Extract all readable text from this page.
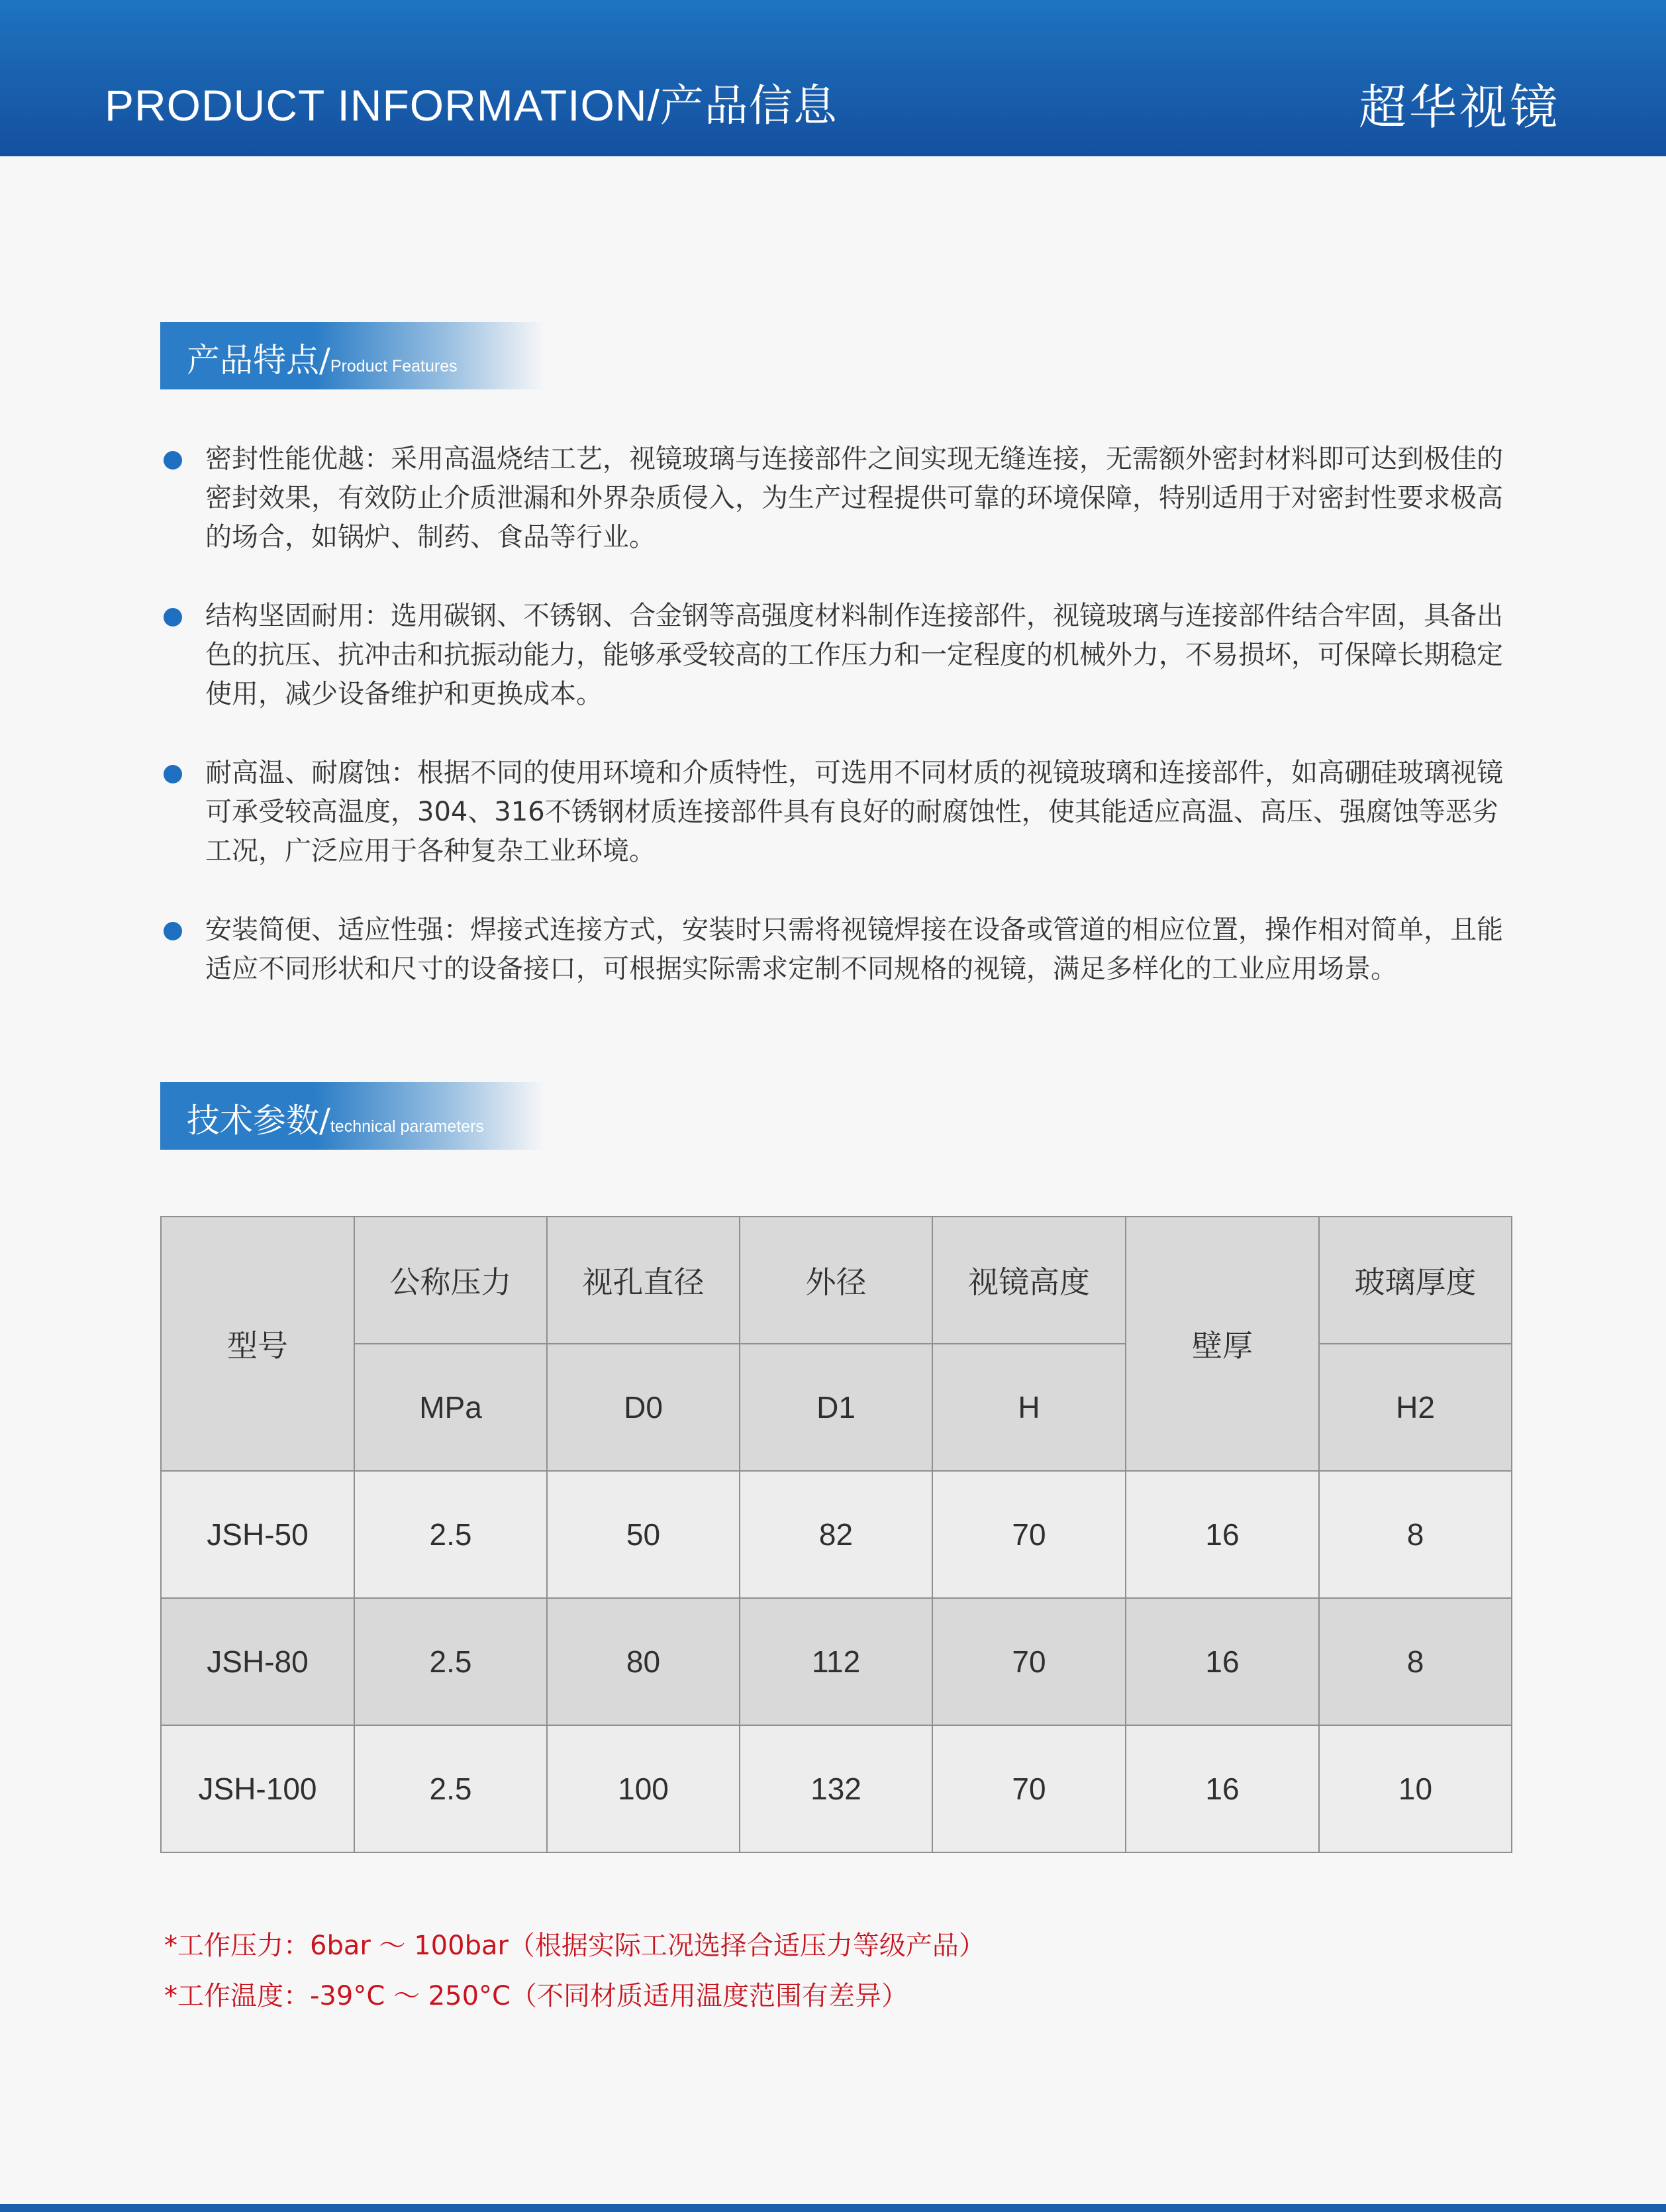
PRODUCT INFORMATION/产品信息	超华视镜
产品特点/Product Features
密封性能优越：采用高温烧结工艺，视镜玻璃与连接部件之间实现无缝连接，无需额外密封材料即可达到极佳的密封效果，有效防止介质泄漏和外界杂质侵入，为生产过程提供可靠的环境保障，特别适用于对密封性要求极高的场合，如锅炉、制药、食品等行业。
结构坚固耐用：选用碳钢、不锈钢、合金钢等高强度材料制作连接部件，视镜玻璃与连接部件结合牢固，具备出色的抗压、抗冲击和抗振动能力，能够承受较高的工作压力和一定程度的机械外力，不易损坏，可保障长期稳定使用，减少设备维护和更换成本。
耐高温、耐腐蚀：根据不同的使用环境和介质特性，可选用不同材质的视镜玻璃和连接部件，如高硼硅玻璃视镜可承受较高温度，304、316不锈钢材质连接部件具有良好的耐腐蚀性，使其能适应高温、高压、强腐蚀等恶劣工况，广泛应用于各种复杂工业环境。
安装简便、适应性强：焊接式连接方式，安装时只需将视镜焊接在设备或管道的相应位置，操作相对简单，且能适应不同形状和尺寸的设备接口，可根据实际需求定制不同规格的视镜，满足多样化的工业应用场景。
技术参数/technical parameters
型号	公称压力	视孔直径	外径	视镜高度	壁厚	玻璃厚度
	MPa	D0	D1	H		H2
JSH-50	2.5	50	82	70	16	8
JSH-80	2.5	80	112	70	16	8
JSH-100	2.5	100	132	70	16	10
*工作压力：6bar ～ 100bar（根据实际工况选择合适压力等级产品）
*工作温度：-39°C ～ 250°C（不同材质适用温度范围有差异）
